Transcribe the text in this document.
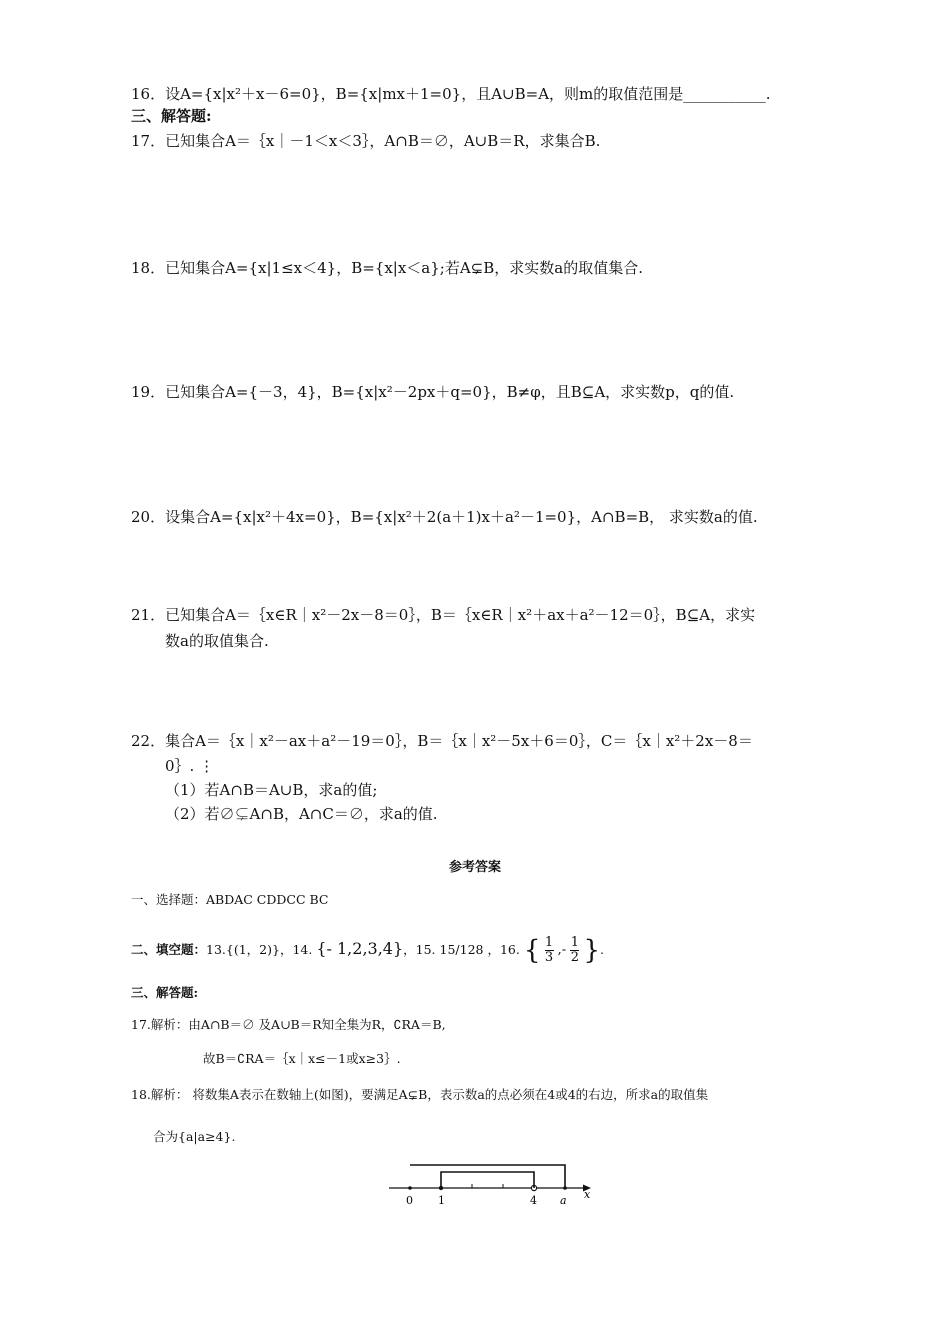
16．设A={x|x²＋x－6=0}，B={x|mx＋1=0}，且A∪B=A，则m的取值范围是___________.
三、解答题:
17．已知集合A＝｛x｜－1＜x＜3｝，A∩B＝∅，A∪B＝R，求集合B.
18．已知集合A={x|1≤x＜4}，B={x|x＜a};若A⊊B，求实数a的取值集合.
19．已知集合A={－3，4}，B={x|x²－2px＋q=0}，B≠φ，且B⊆A，求实数p，q的值.
20．设集合A={x|x²＋4x=0}，B={x|x²＋2(a＋1)x＋a²－1=0}，A∩B=B， 求实数a的值.
21．已知集合A＝｛x∈R｜x²－2x－8＝0｝，B＝｛x∈R｜x²＋ax＋a²－12＝0｝，B⊆A，求实
数a的取值集合.
22．集合A＝｛x｜x²－ax＋a²－19＝0｝，B＝｛x｜x²－5x＋6＝0｝，C＝｛x｜x²＋2x－8＝
0｝. ⋮
（1）若A∩B＝A∪B，求a的值;
（2）若∅⊊A∩B，A∩C＝∅，求a的值.
参考答案
一、选择题：ABDAC CDDCC BC
二、填空题：13.{(1，2)}，14. {- 1,2,3,4}，15. 15/128 ，16. { $\frac{1}{3}$ ,- $\frac{1}{2}$ }.
三、解答题:
17.解析：由A∩B＝∅ 及A∪B＝R知全集为R，∁RA＝B,
故B＝∁RA＝｛x｜x≤－1或x≥3｝.
18.解析： 将数集A表示在数轴上(如图)，要满足A⊊B，表示数a的点必须在4或4的右边，所求a的取值集
合为{a|a≥4}.
0 1	4 a x
